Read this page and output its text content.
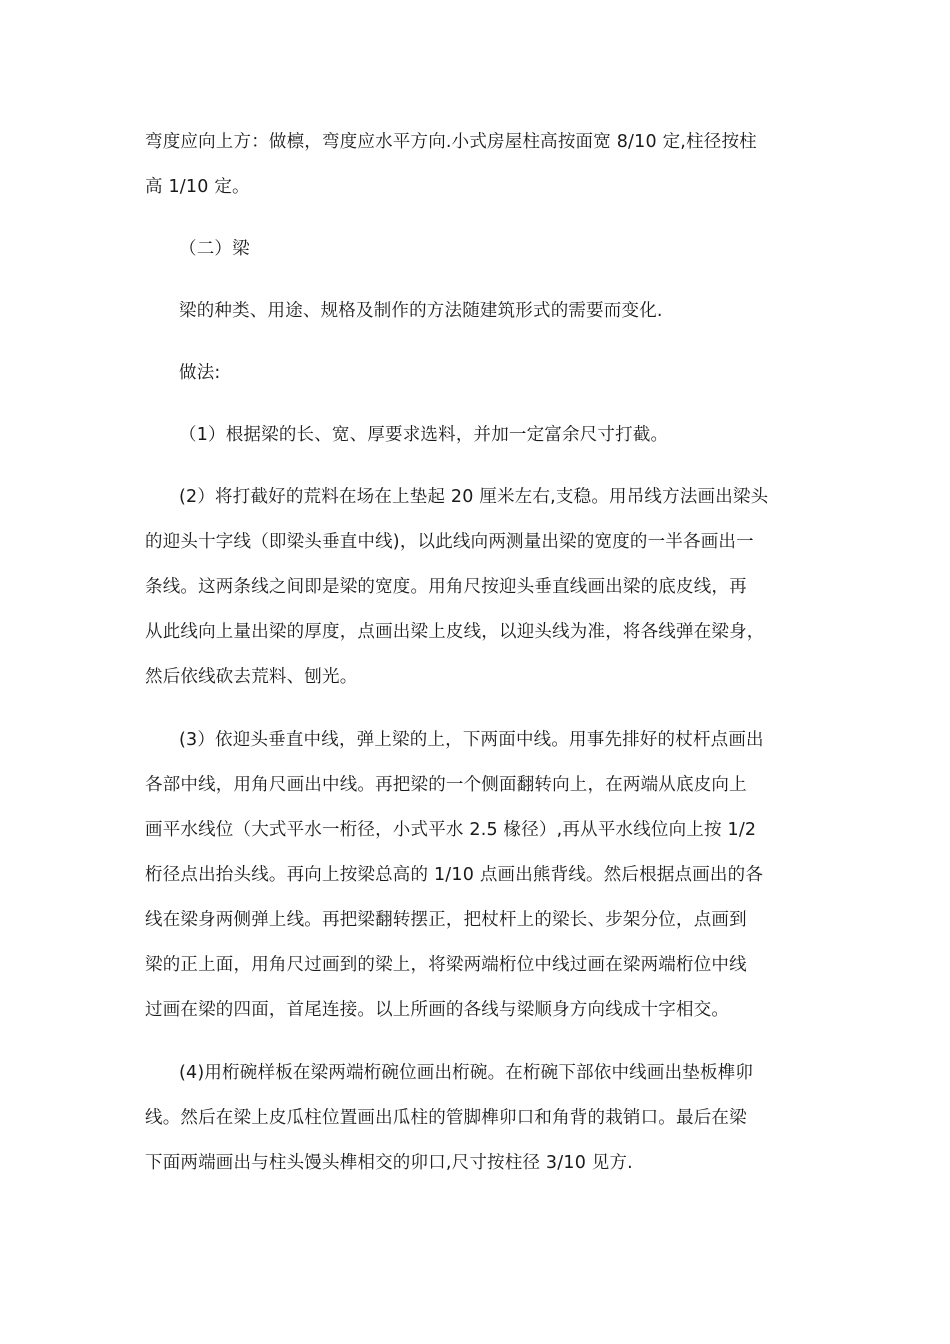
弯度应向上方：做檩，弯度应水平方向.小式房屋柱高按面宽 8/10 定,柱径按柱
高 1/10 定。
（二）梁
梁的种类、用途、规格及制作的方法随建筑形式的需要而变化.
做法:
（1）根据梁的长、宽、厚要求选料，并加一定富余尺寸打截。
(2）将打截好的荒料在场在上垫起 20 厘米左右,支稳。用吊线方法画出梁头
的迎头十字线（即梁头垂直中线)，以此线向两测量出梁的宽度的一半各画出一
条线。这两条线之间即是梁的宽度。用角尺按迎头垂直线画出梁的底皮线，再
从此线向上量出梁的厚度，点画出梁上皮线，以迎头线为准，将各线弹在梁身，
然后依线砍去荒料、刨光。
(3）依迎头垂直中线，弹上梁的上，下两面中线。用事先排好的杖杆点画出
各部中线，用角尺画出中线。再把梁的一个侧面翻转向上，在两端从底皮向上
画平水线位（大式平水一桁径，小式平水 2.5 椽径）,再从平水线位向上按 1/2
桁径点出抬头线。再向上按梁总高的 1/10 点画出熊背线。然后根据点画出的各
线在梁身两侧弹上线。再把梁翻转摆正，把杖杆上的梁长、步架分位，点画到
梁的正上面，用角尺过画到的梁上，将梁两端桁位中线过画在梁两端桁位中线
过画在梁的四面，首尾连接。以上所画的各线与梁顺身方向线成十字相交。
(4)用桁碗样板在梁两端桁碗位画出桁碗。在桁碗下部依中线画出垫板榫卯
线。然后在梁上皮瓜柱位置画出瓜柱的管脚榫卯口和角背的栽销口。最后在梁
下面两端画出与柱头馒头榫相交的卯口,尺寸按柱径 3/10 见方.
